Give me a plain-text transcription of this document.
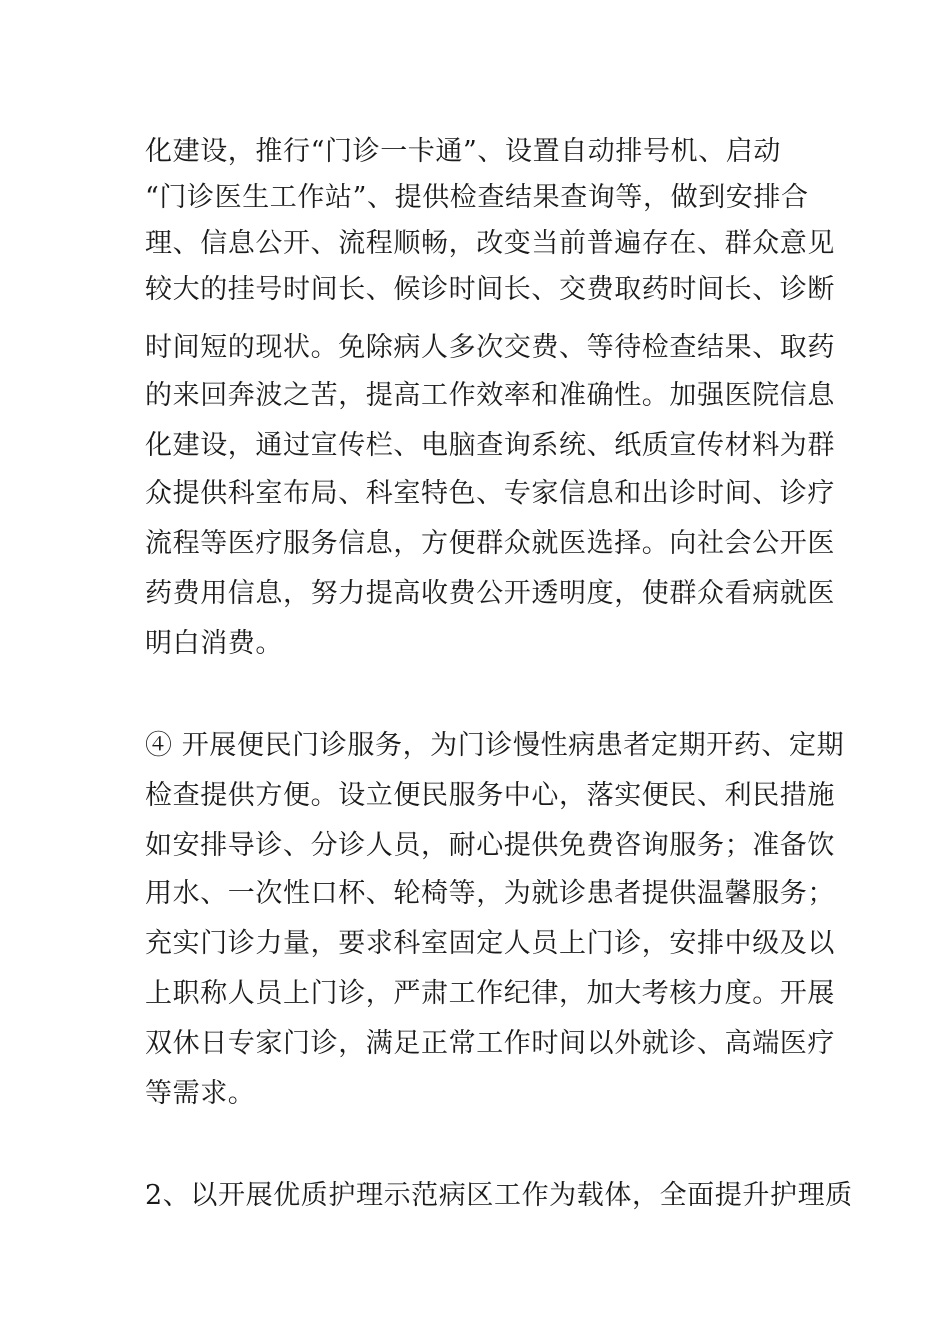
化建设，推行“门诊一卡通”、设置自动排号机、启动
“门诊医生工作站”、提供检查结果查询等，做到安排合
理、信息公开、流程顺畅，改变当前普遍存在、群众意见
较大的挂号时间长、候诊时间长、交费取药时间长、诊断
时间短的现状。免除病人多次交费、等待检查结果、取药
的来回奔波之苦，提高工作效率和准确性。加强医院信息
化建设，通过宣传栏、电脑查询系统、纸质宣传材料为群
众提供科室布局、科室特色、专家信息和出诊时间、诊疗
流程等医疗服务信息，方便群众就医选择。向社会公开医
药费用信息，努力提高收费公开透明度，使群众看病就医
明白消费。
④ 开展便民门诊服务，为门诊慢性病患者定期开药、定期
检查提供方便。设立便民服务中心，落实便民、利民措施
如安排导诊、分诊人员，耐心提供免费咨询服务；准备饮
用水、一次性口杯、轮椅等，为就诊患者提供温馨服务；
充实门诊力量，要求科室固定人员上门诊，安排中级及以
上职称人员上门诊，严肃工作纪律，加大考核力度。开展
双休日专家门诊，满足正常工作时间以外就诊、高端医疗
等需求。
2、以开展优质护理示范病区工作为载体，全面提升护理质
